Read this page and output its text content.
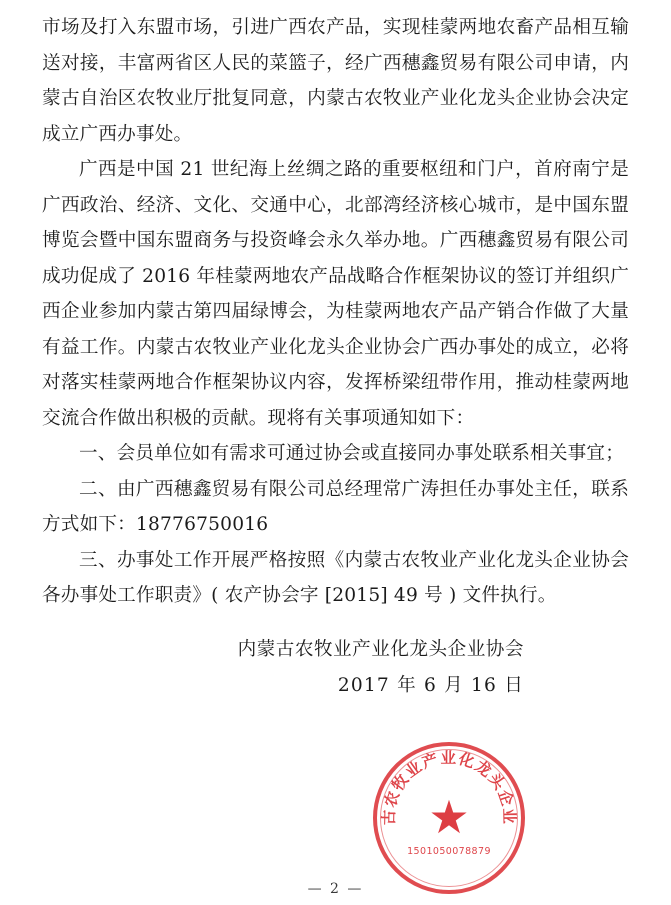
市场及打入东盟市场，引进广西农产品，实现桂蒙两地农畜产品相互输送对接，丰富两省区人民的菜篮子，经广西穗鑫贸易有限公司申请，内蒙古自治区农牧业厅批复同意，内蒙古农牧业产业化龙头企业协会决定成立广西办事处。

广西是中国 21 世纪海上丝绸之路的重要枢纽和门户，首府南宁是广西政治、经济、文化、交通中心，北部湾经济核心城市，是中国东盟博览会暨中国东盟商务与投资峰会永久举办地。广西穗鑫贸易有限公司成功促成了 2016 年桂蒙两地农产品战略合作框架协议的签订并组织广西企业参加内蒙古第四届绿博会，为桂蒙两地农产品产销合作做了大量有益工作。内蒙古农牧业产业化龙头企业协会广西办事处的成立，必将对落实桂蒙两地合作框架协议内容，发挥桥梁纽带作用，推动桂蒙两地交流合作做出积极的贡献。现将有关事项通知如下：

一、会员单位如有需求可通过协会或直接同办事处联系相关事宜；

二、由广西穗鑫贸易有限公司总经理常广涛担任办事处主任，联系方式如下：18776750016

三、办事处工作开展严格按照《内蒙古农牧业产业化龙头企业协会各办事处工作职责》( 农产协会字 [2015] 49 号 ) 文件执行。

内蒙古农牧业产业化龙头企业协会
2017 年 6 月 16 日
内蒙古农牧业产业化龙头企业协会
★
1501050078879
— 2 —
